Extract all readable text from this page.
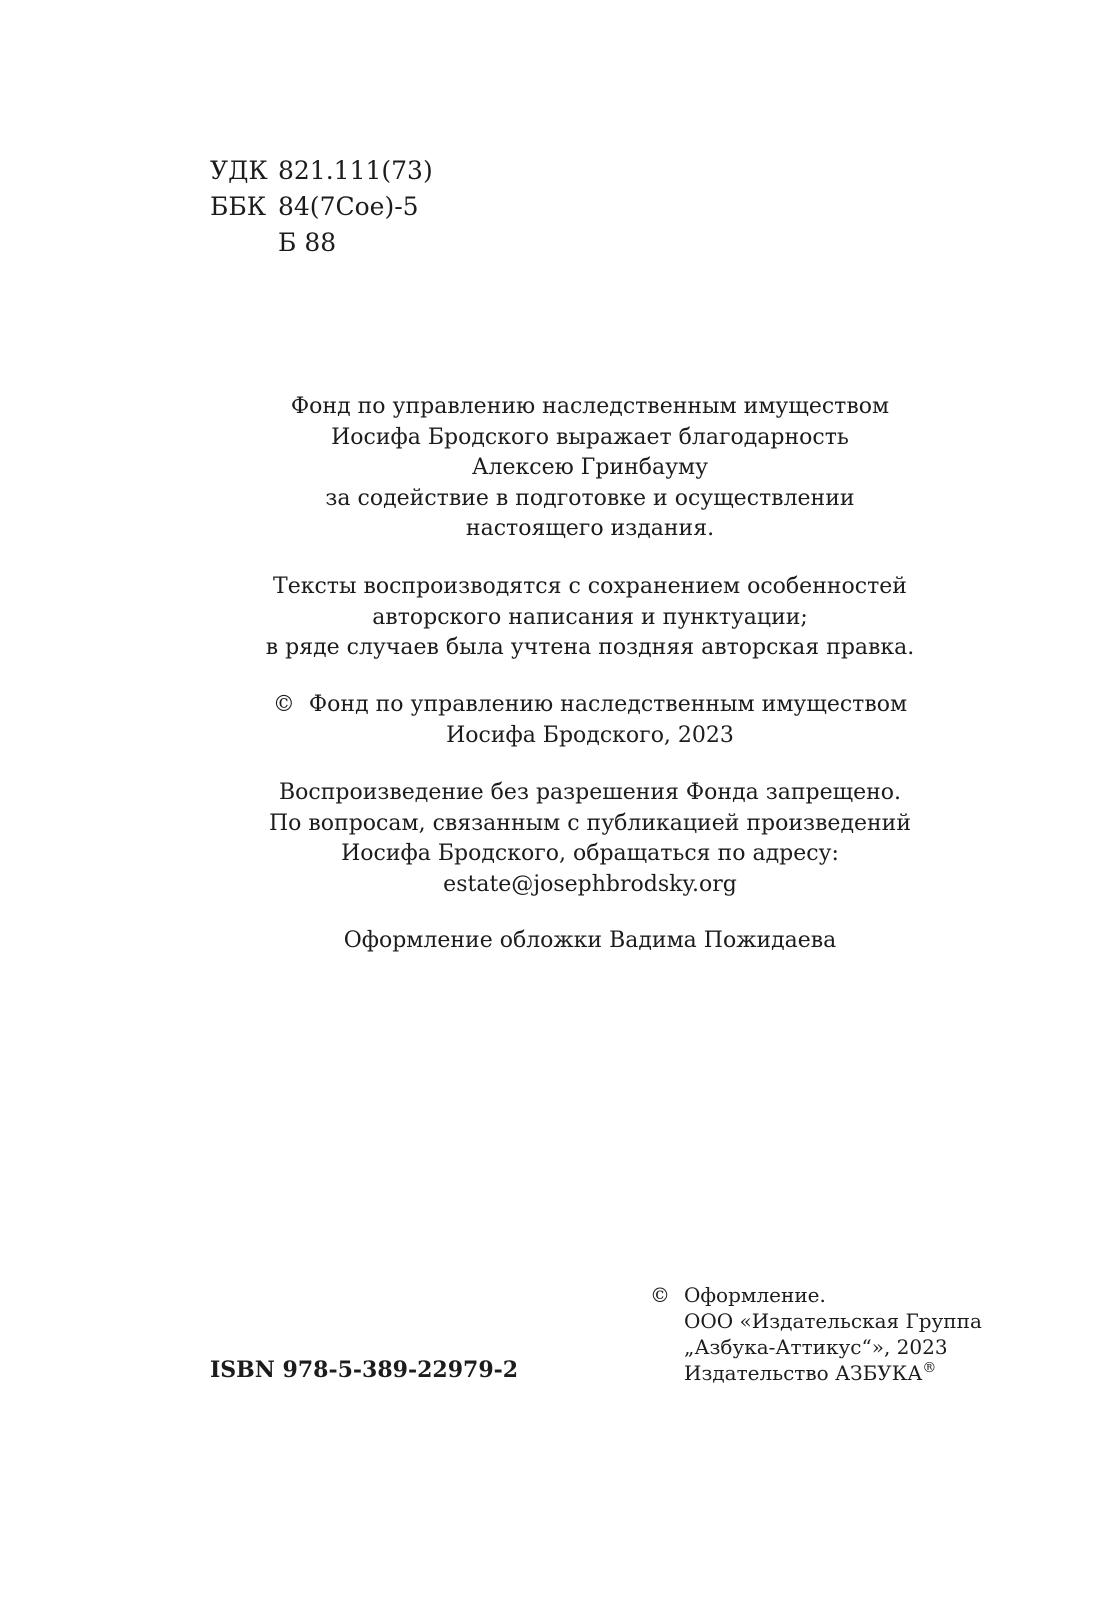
УДК 821.111(73)
ББК 84(7Сое)-5
Б 88
Фонд по управлению наследственным имуществом
Иосифа Бродского выражает благодарность
Алексею Гринбауму
за содействие в подготовке и осуществлении
настоящего издания.
Тексты воспроизводятся с сохранением особенностей
авторского написания и пунктуации;
в ряде случаев была учтена поздняя авторская правка.
© Фонд по управлению наследственным имуществом
Иосифа Бродского, 2023
Воспроизведение без разрешения Фонда запрещено.
По вопросам, связанным с публикацией произведений
Иосифа Бродского, обращаться по адресу:
estate@josephbrodsky.org
Оформление обложки Вадима Пожидаева
ISBN 978-5-389-22979-2
© Оформление.
ООО «Издательская Группа
„Азбука-Аттикус“», 2023
Издательство АЗБУКА®
